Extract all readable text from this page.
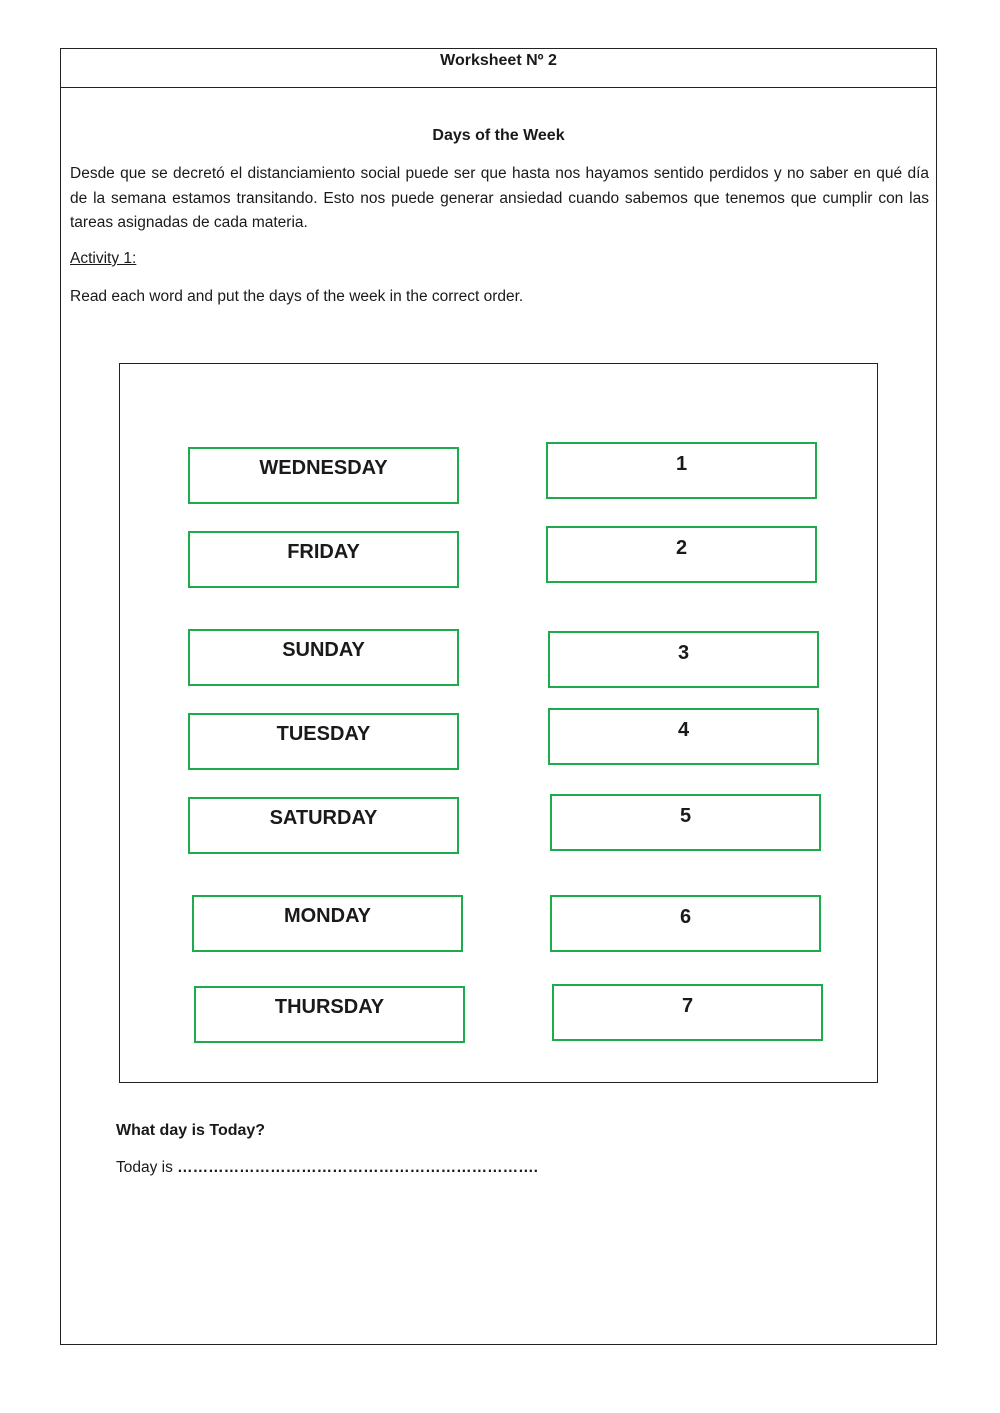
Worksheet Nº 2
Days of the Week

Desde que se decretó el distanciamiento social puede ser que hasta nos hayamos sentido perdidos y no saber en qué día de la semana estamos transitando. Esto nos puede generar ansiedad cuando sabemos que tenemos que cumplir con las tareas asignadas de cada materia.

Activity 1:
Read each word and put the days of the week in the correct order.
WEDNESDAY
FRIDAY
SUNDAY
TUESDAY
SATURDAY
MONDAY
THURSDAY
1
2
3
4
5
6
7
What day is Today?
Today is …………………………………………………………….
